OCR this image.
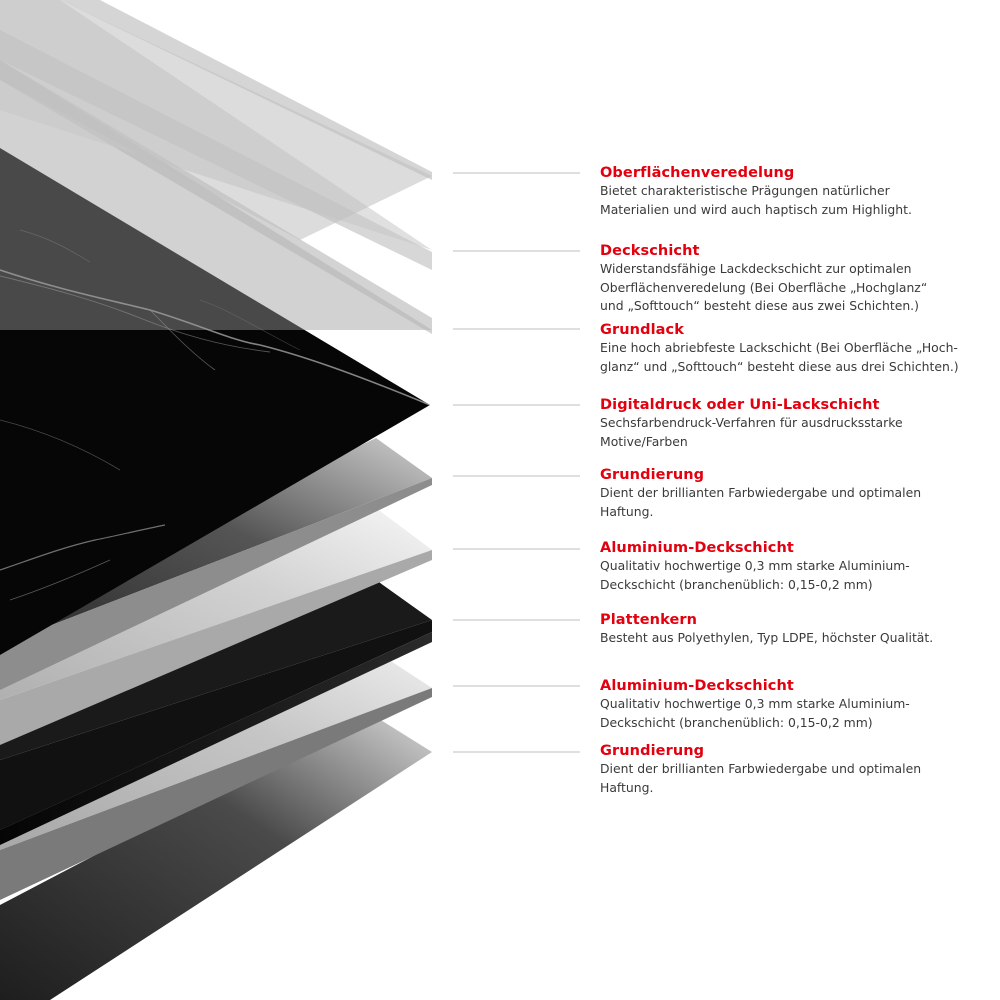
Oberflächenveredelung
Bietet charakteristische Prägungen natürlicher
Materialien und wird auch haptisch zum Highlight.
Deckschicht
Widerstandsfähige Lackdeckschicht zur optimalen
Oberflächenveredelung (Bei Oberfläche „Hochglanz“
und „Softtouch“ besteht diese aus zwei Schichten.)
Grundlack
Eine hoch abriebfeste Lackschicht (Bei Oberfläche „Hoch-
glanz“ und „Softtouch“ besteht diese aus drei Schichten.)
Digitaldruck oder Uni-Lackschicht
Sechsfarbendruck-Verfahren für ausdrucksstarke
Motive/Farben
Grundierung
Dient der brillianten Farbwiedergabe und optimalen
Haftung.
Aluminium-Deckschicht
Qualitativ hochwertige 0,3 mm starke Aluminium-
Deckschicht (branchenüblich: 0,15-0,2 mm)
Plattenkern
Besteht aus Polyethylen, Typ LDPE, höchster Qualität.
Aluminium-Deckschicht
Qualitativ hochwertige 0,3 mm starke Aluminium-
Deckschicht (branchenüblich: 0,15-0,2 mm)
Grundierung
Dient der brillianten Farbwiedergabe und optimalen
Haftung.
